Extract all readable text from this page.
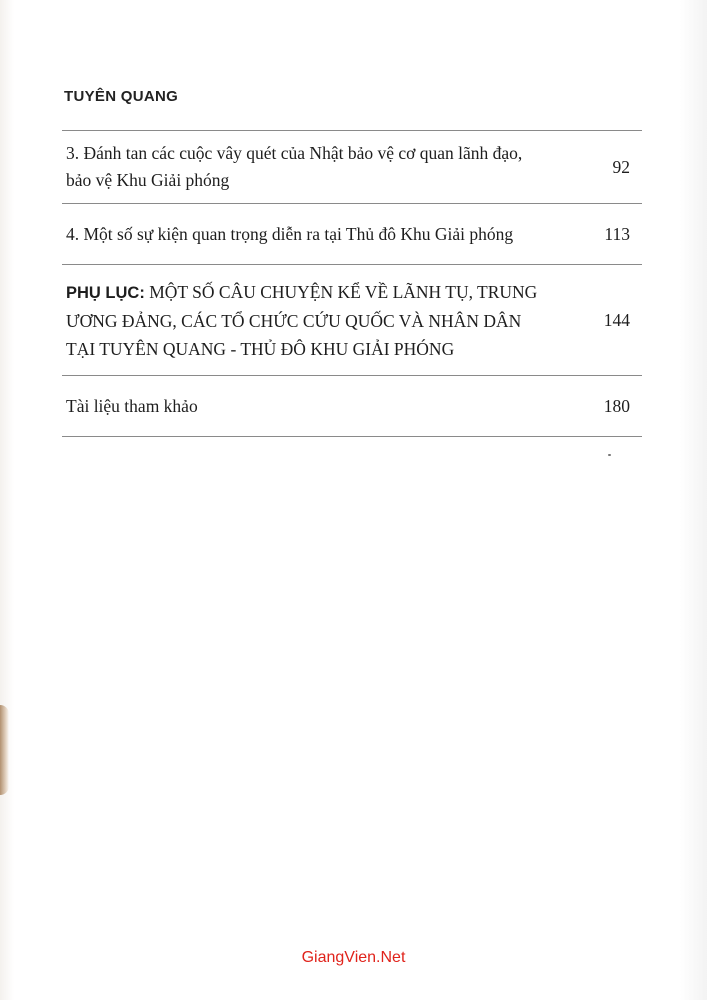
TUYÊN QUANG
3. Đánh tan các cuộc vây quét của Nhật bảo vệ cơ quan lãnh đạo,
bảo vệ Khu Giải phóng
92
4. Một số sự kiện quan trọng diễn ra tại Thủ đô Khu Giải phóng	113
PHỤ LỤC: MỘT SỐ CÂU CHUYỆN KỂ VỀ LÃNH TỤ, TRUNG
ƯƠNG ĐẢNG, CÁC TỔ CHỨC CỨU QUỐC VÀ NHÂN DÂN
TẠI TUYÊN QUANG - THỦ ĐÔ KHU GIẢI PHÓNG
144
Tài liệu tham khảo	180
GiangVien.Net
